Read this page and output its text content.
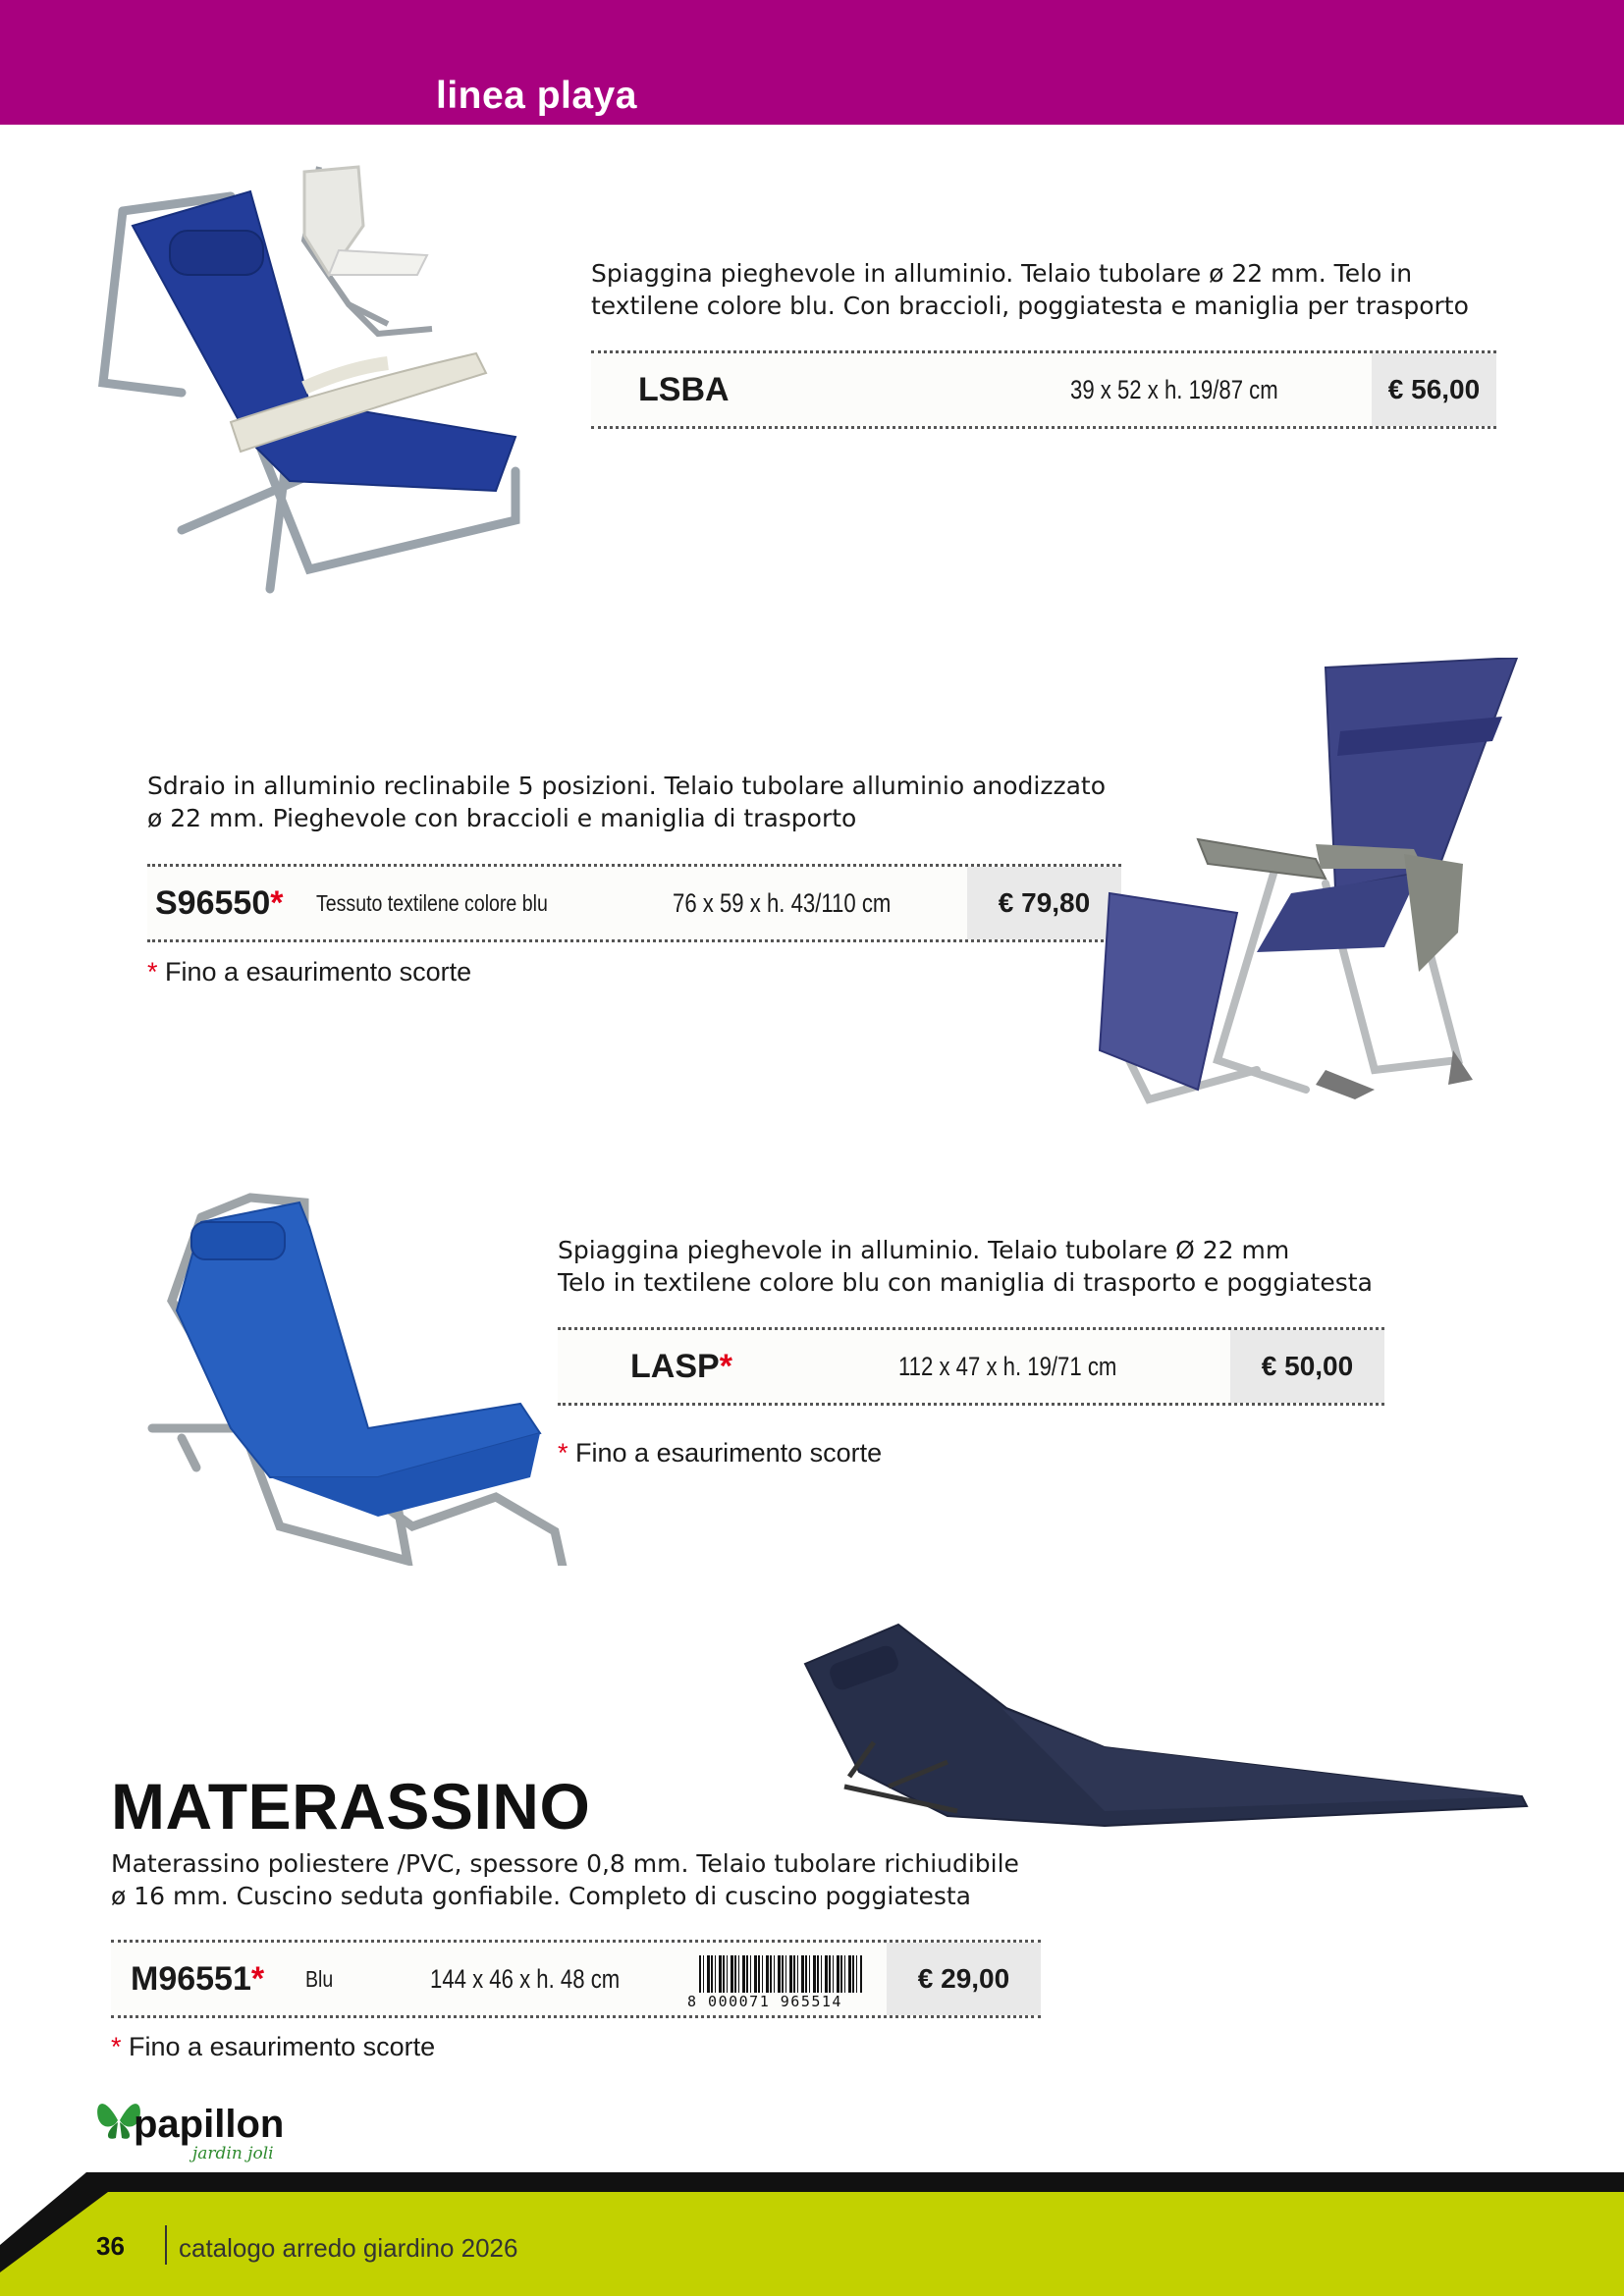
linea playa
Spiaggina pieghevole in alluminio. Telaio tubolare ø 22 mm. Telo in
textilene colore blu. Con braccioli, poggiatesta e maniglia per trasporto
LSBA	39 x 52 x h. 19/87 cm	€ 56,00
Sdraio in alluminio reclinabile 5 posizioni. Telaio tubolare alluminio anodizzato
ø 22 mm. Pieghevole con braccioli e maniglia di trasporto
S96550 * Tessuto textilene colore blu	76 x 59 x h. 43/110 cm	€ 79,80
* Fino a esaurimento scorte
Spiaggina pieghevole in alluminio. Telaio tubolare Ø 22 mm
Telo in textilene colore blu con maniglia di trasporto e poggiatesta
LASP *	112 x 47 x h. 19/71 cm	€ 50,00
* Fino a esaurimento scorte
MATERASSINO
Materassino poliestere /PVC, spessore 0,8 mm. Telaio tubolare richiudibile
ø 16 mm. Cuscino seduta gonfiabile. Completo di cuscino poggiatesta
M96551 * Blu	144 x 46 x h. 48 cm	€ 29,00
8 000071 965514
* Fino a esaurimento scorte
papillon
jardin joli
36 catalogo arredo giardino 2026
